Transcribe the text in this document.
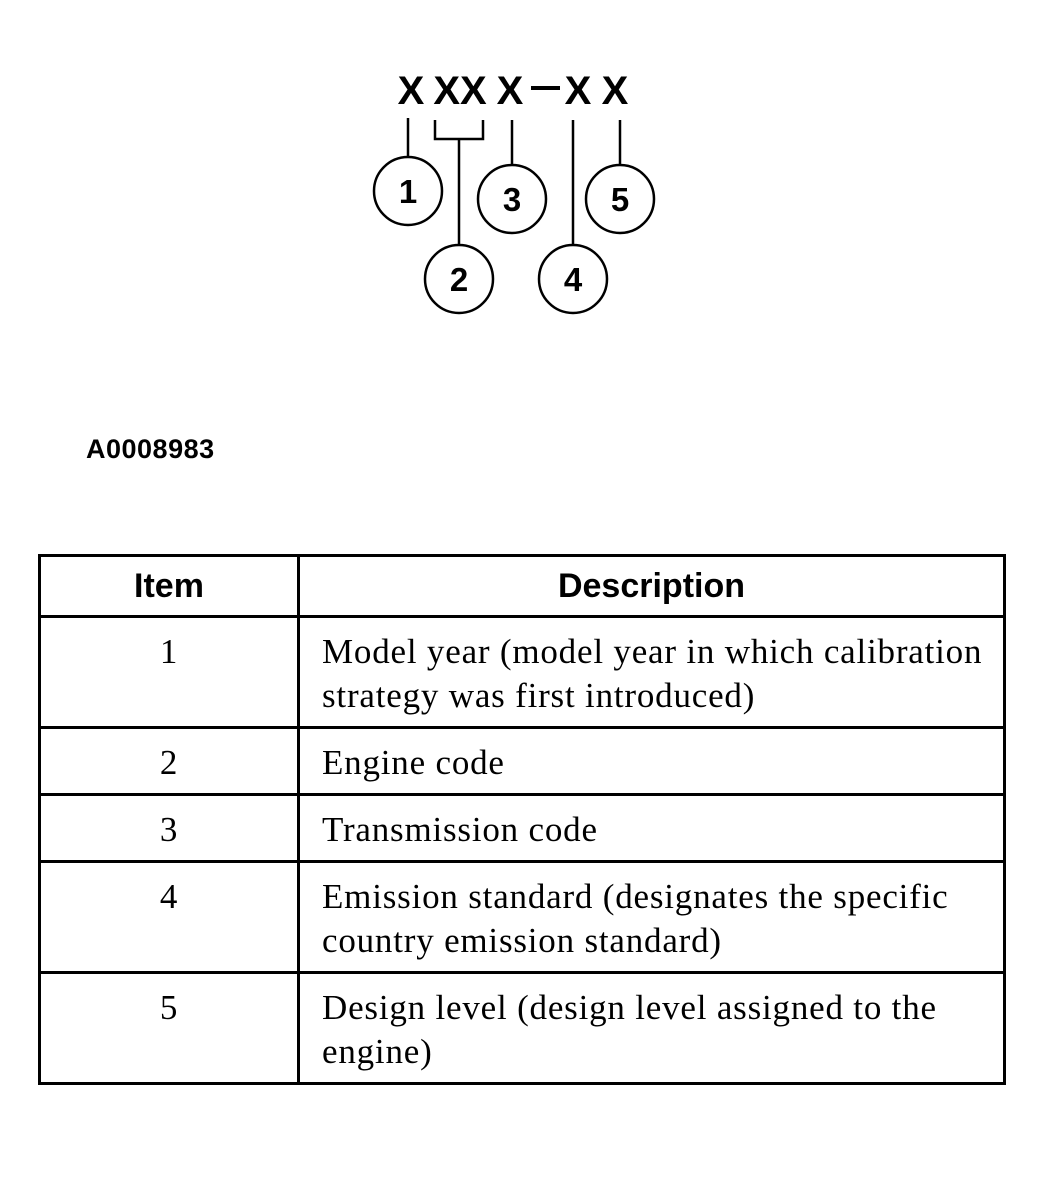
X XX X X X
1
2
3
4
5
A0008983
Item	Description
1	Model year (model year in which calibration strategy was first introduced)
2	Engine code
3	Transmission code
4	Emission standard (designates the specific country emission standard)
5	Design level (design level assigned to the engine)
